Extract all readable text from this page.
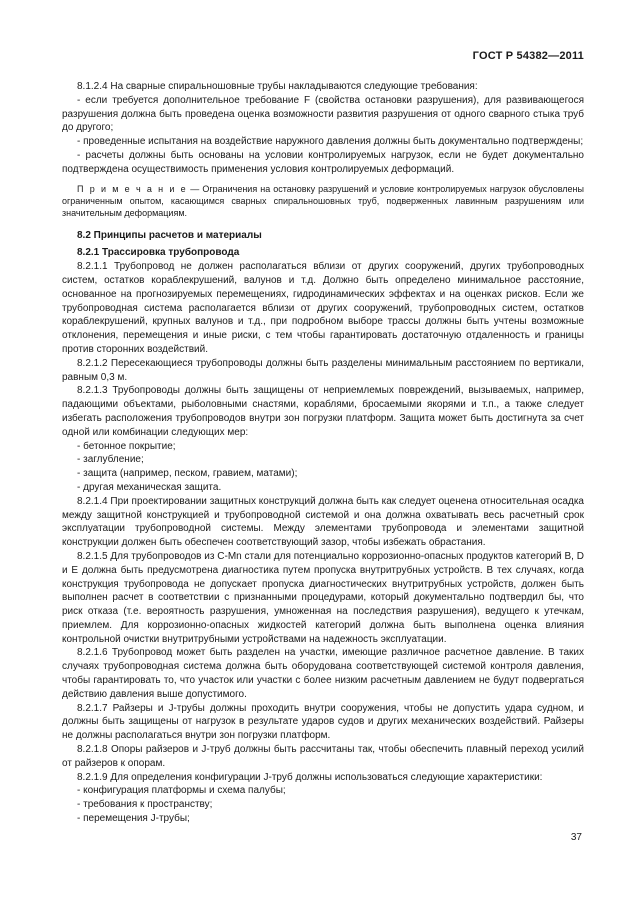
ГОСТ Р 54382—2011

8.1.2.4 На сварные спиральношовные трубы накладываются следующие требования:

- если требуется дополнительное требование F (свойства остановки разрушения), для развивающегося разрушения должна быть проведена оценка возможности развития разрушения от одного сварного стыка труб до другого;

- проведенные испытания на воздействие наружного давления должны быть документально подтверждены;

- расчеты должны быть основаны на условии контролируемых нагрузок, если не будет документально подтверждена осуществимость применения условия контролируемых деформаций.

П р и м е ч а н и е — Ограничения на остановку разрушений и условие контролируемых нагрузок обусловлены ограниченным опытом, касающимся сварных спиральношовных труб, подверженных лавинным разрушениям или значительным деформациям.

8.2 Принципы расчетов и материалы
8.2.1 Трассировка трубопровода

8.2.1.1 Трубопровод не должен располагаться вблизи от других сооружений, других трубопроводных систем, остатков кораблекрушений, валунов и т.д. Должно быть определено минимальное расстояние, основанное на прогнозируемых перемещениях, гидродинамических эффектах и на оценках рисков. Если же трубопроводная система располагается вблизи от других сооружений, трубопроводных систем, остатков кораблекрушений, крупных валунов и т.д., при подробном выборе трассы должны быть учтены возможные отклонения, перемещения и иные риски, с тем чтобы гарантировать достаточную отдаленность и границы против сторонних воздействий.

8.2.1.2 Пересекающиеся трубопроводы должны быть разделены минимальным расстоянием по вертикали, равным 0,3 м.

8.2.1.3 Трубопроводы должны быть защищены от неприемлемых повреждений, вызываемых, например, падающими объектами, рыболовными снастями, кораблями, бросаемыми якорями и т.п., а также следует избегать расположения трубопроводов внутри зон погрузки платформ. Защита может быть достигнута за счет одной или комбинации следующих мер:

- бетонное покрытие;

- заглубление;

- защита (например, песком, гравием, матами);

- другая механическая защита.

8.2.1.4 При проектировании защитных конструкций должна быть как следует оценена относительная осадка между защитной конструкцией и трубопроводной системой и она должна охватывать весь расчетный срок эксплуатации трубопроводной системы. Между элементами трубопровода и элементами защитной конструкции должен быть обеспечен соответствующий зазор, чтобы избежать обрастания.

8.2.1.5 Для трубопроводов из С-Мn стали для потенциально коррозионно-опасных продуктов категорий В, D и Е должна быть предусмотрена диагностика путем пропуска внутритрубных устройств. В тех случаях, когда конструкция трубопровода не допускает пропуска диагностических внутритрубных устройств, должен быть выполнен расчет в соответствии с признанными процедурами, который документально подтвердил бы, что риск отказа (т.е. вероятность разрушения, умноженная на последствия разрушения), ведущего к утечкам, приемлем. Для коррозионно-опасных жидкостей категорий должна быть выполнена оценка влияния контрольной очистки внутритрубными устройствами на надежность эксплуатации.

8.2.1.6 Трубопровод может быть разделен на участки, имеющие различное расчетное давление. В таких случаях трубопроводная система должна быть оборудована соответствующей системой контроля давления, чтобы гарантировать то, что участок или участки с более низким расчетным давлением не будут подвергаться действию давления выше допустимого.

8.2.1.7 Райзеры и J-трубы должны проходить внутри сооружения, чтобы не допустить удара судном, и должны быть защищены от нагрузок в результате ударов судов и других механических воздействий. Райзеры не должны располагаться внутри зон погрузки платформ.

8.2.1.8 Опоры райзеров и J-труб должны быть рассчитаны так, чтобы обеспечить плавный переход усилий от райзеров к опорам.

8.2.1.9 Для определения конфигурации J-труб должны использоваться следующие характеристики:

- конфигурация платформы и схема палубы;

- требования к пространству;

- перемещения J-трубы;

37
